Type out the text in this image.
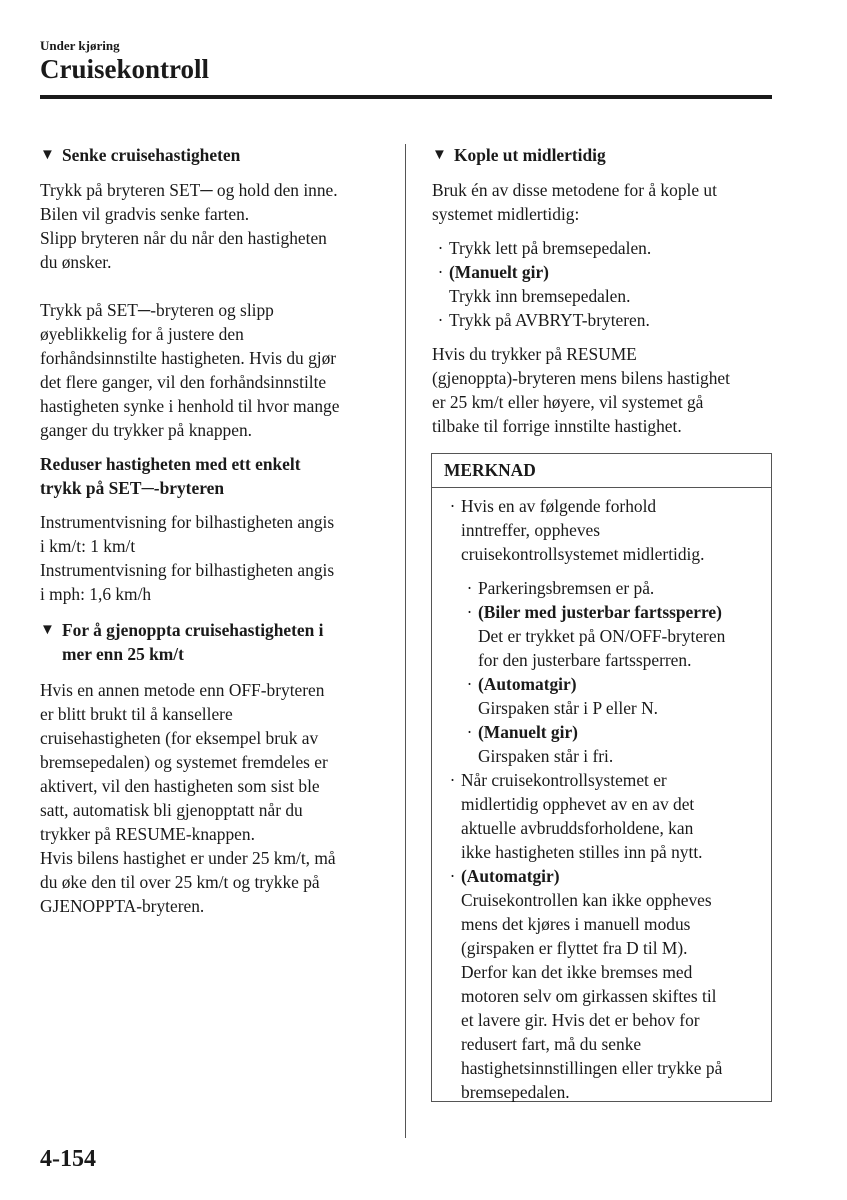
Under kjøring
Cruisekontroll
▼ Senke cruisehastigheten

Trykk på bryteren SET─ og hold den inne.

Bilen vil gradvis senke farten.

Slipp bryteren når du når den hastigheten

du ønsker.

Trykk på SET─-bryteren og slipp

øyeblikkelig for å justere den

forhåndsinnstilte hastigheten. Hvis du gjør

det flere ganger, vil den forhåndsinnstilte

hastigheten synke i henhold til hvor mange

ganger du trykker på knappen.

Reduser hastigheten med ett enkelt

trykk på SET─-bryteren

Instrumentvisning for bilhastigheten angis

i km/t: 1 km/t

Instrumentvisning for bilhastigheten angis

i mph: 1,6 km/h

▼ For å gjenoppta cruisehastigheten i
mer enn 25 km/t

Hvis en annen metode enn OFF-bryteren

er blitt brukt til å kansellere

cruisehastigheten (for eksempel bruk av

bremsepedalen) og systemet fremdeles er

aktivert, vil den hastigheten som sist ble

satt, automatisk bli gjenopptatt når du

trykker på RESUME-knappen.

Hvis bilens hastighet er under 25 km/t, må

du øke den til over 25 km/t og trykke på

GJENOPPTA-bryteren.

▼ Kople ut midlertidig

Bruk én av disse metodene for å kople ut

systemet midlertidig:

· Trykk lett på bremsepedalen.
· (Manuelt gir)
Trykk inn bremsepedalen.
· Trykk på AVBRYT-bryteren.

Hvis du trykker på RESUME

(gjenoppta)-bryteren mens bilens hastighet

er 25 km/t eller høyere, vil systemet gå

tilbake til forrige innstilte hastighet.

MERKNAD
· Hvis en av følgende forhold
inntreffer, oppheves
cruisekontrollsystemet midlertidig.
· Parkeringsbremsen er på.
· (Biler med justerbar fartssperre)
Det er trykket på ON/OFF-bryteren
for den justerbare fartssperren.
· (Automatgir)
Girspaken står i P eller N.
· (Manuelt gir)
Girspaken står i fri.
· Når cruisekontrollsystemet er
midlertidig opphevet av en av det
aktuelle avbruddsforholdene, kan
ikke hastigheten stilles inn på nytt.
· (Automatgir)
Cruisekontrollen kan ikke oppheves
mens det kjøres i manuell modus
(girspaken er flyttet fra D til M).
Derfor kan det ikke bremses med
motoren selv om girkassen skiftes til
et lavere gir. Hvis det er behov for
redusert fart, må du senke
hastighetsinnstillingen eller trykke på
bremsepedalen.
4-154
